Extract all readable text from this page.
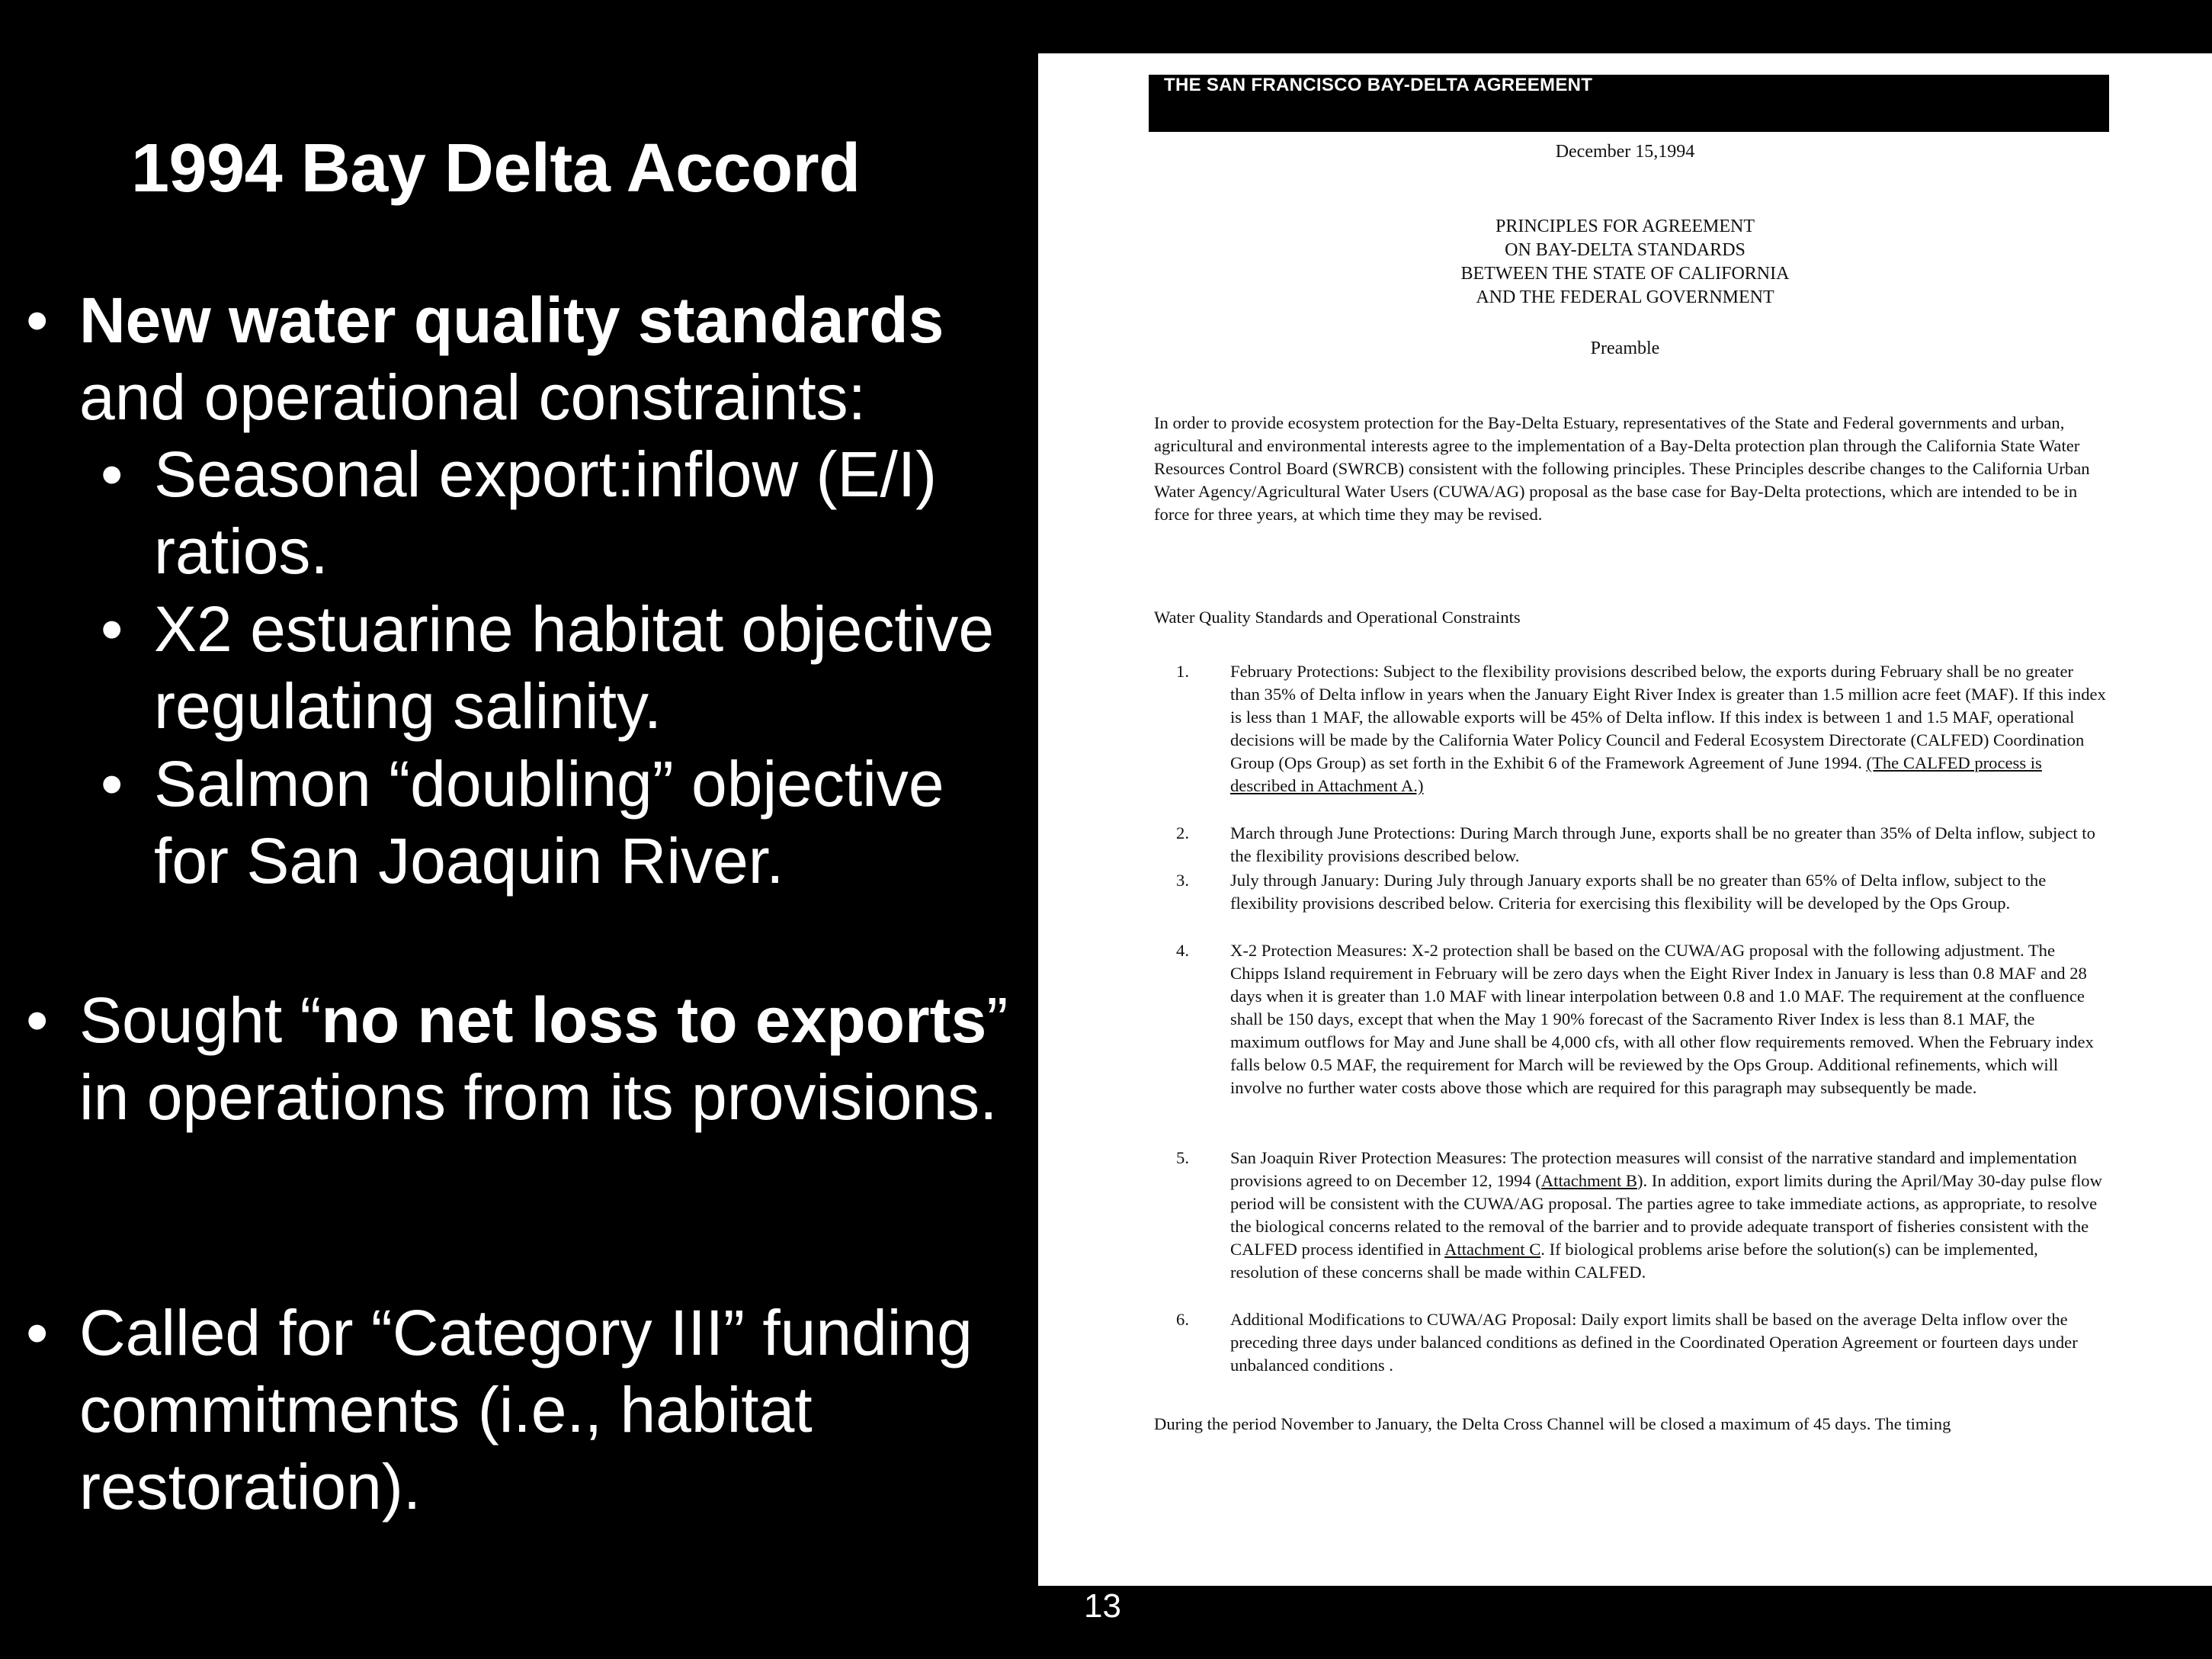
1994 Bay Delta Accord
• New water quality standards
and operational constraints:
• Seasonal export:inflow (E/I) ratios.
• X2 estuarine habitat objective regulating salinity.
• Salmon “doubling” objective for San Joaquin River.
• Sought “no net loss to exports” in operations from its provisions.
• Called for “Category III” funding commitments (i.e., habitat restoration).
THE SAN FRANCISCO BAY-DELTA AGREEMENT
December 15,1994
PRINCIPLES FOR AGREEMENT
ON BAY-DELTA STANDARDS
BETWEEN THE STATE OF CALIFORNIA
AND THE FEDERAL GOVERNMENT
Preamble
In order to provide ecosystem protection for the Bay-Delta Estuary, representatives of the State and Federal governments and urban, agricultural and environmental interests agree to the implementation of a Bay-Delta protection plan through the California State Water Resources Control Board (SWRCB) consistent with the following principles. These Principles describe changes to the California Urban Water Agency/Agricultural Water Users (CUWA/AG) proposal as the base case for Bay-Delta protections, which are intended to be in force for three years, at which time they may be revised.
Water Quality Standards and Operational Constraints
1. February Protections: Subject to the flexibility provisions described below, the exports during February shall be no greater than 35% of Delta inflow in years when the January Eight River Index is greater than 1.5 million acre feet (MAF). If this index is less than 1 MAF, the allowable exports will be 45% of Delta inflow. If this index is between 1 and 1.5 MAF, operational decisions will be made by the California Water Policy Council and Federal Ecosystem Directorate (CALFED) Coordination Group (Ops Group) as set forth in the Exhibit 6 of the Framework Agreement of June 1994. (The CALFED process is described in Attachment A.)
2. March through June Protections: During March through June, exports shall be no greater than 35% of Delta inflow, subject to the flexibility provisions described below.
3. July through January: During July through January exports shall be no greater than 65% of Delta inflow, subject to the flexibility provisions described below. Criteria for exercising this flexibility will be developed by the Ops Group.
4. X-2 Protection Measures: X-2 protection shall be based on the CUWA/AG proposal with the following adjustment. The Chipps Island requirement in February will be zero days when the Eight River Index in January is less than 0.8 MAF and 28 days when it is greater than 1.0 MAF with linear interpolation between 0.8 and 1.0 MAF. The requirement at the confluence shall be 150 days, except that when the May 1 90% forecast of the Sacramento River Index is less than 8.1 MAF, the maximum outflows for May and June shall be 4,000 cfs, with all other flow requirements removed. When the February index falls below 0.5 MAF, the requirement for March will be reviewed by the Ops Group. Additional refinements, which will involve no further water costs above those which are required for this paragraph may subsequently be made.
5. San Joaquin River Protection Measures: The protection measures will consist of the narrative standard and implementation provisions agreed to on December 12, 1994 (Attachment B). In addition, export limits during the April/May 30-day pulse flow period will be consistent with the CUWA/AG proposal. The parties agree to take immediate actions, as appropriate, to resolve the biological concerns related to the removal of the barrier and to provide adequate transport of fisheries consistent with the CALFED process identified in Attachment C. If biological problems arise before the solution(s) can be implemented, resolution of these concerns shall be made within CALFED.
6. Additional Modifications to CUWA/AG Proposal: Daily export limits shall be based on the average Delta inflow over the preceding three days under balanced conditions as defined in the Coordinated Operation Agreement or fourteen days under unbalanced conditions .
During the period November to January, the Delta Cross Channel will be closed a maximum of 45 days. The timing
13
